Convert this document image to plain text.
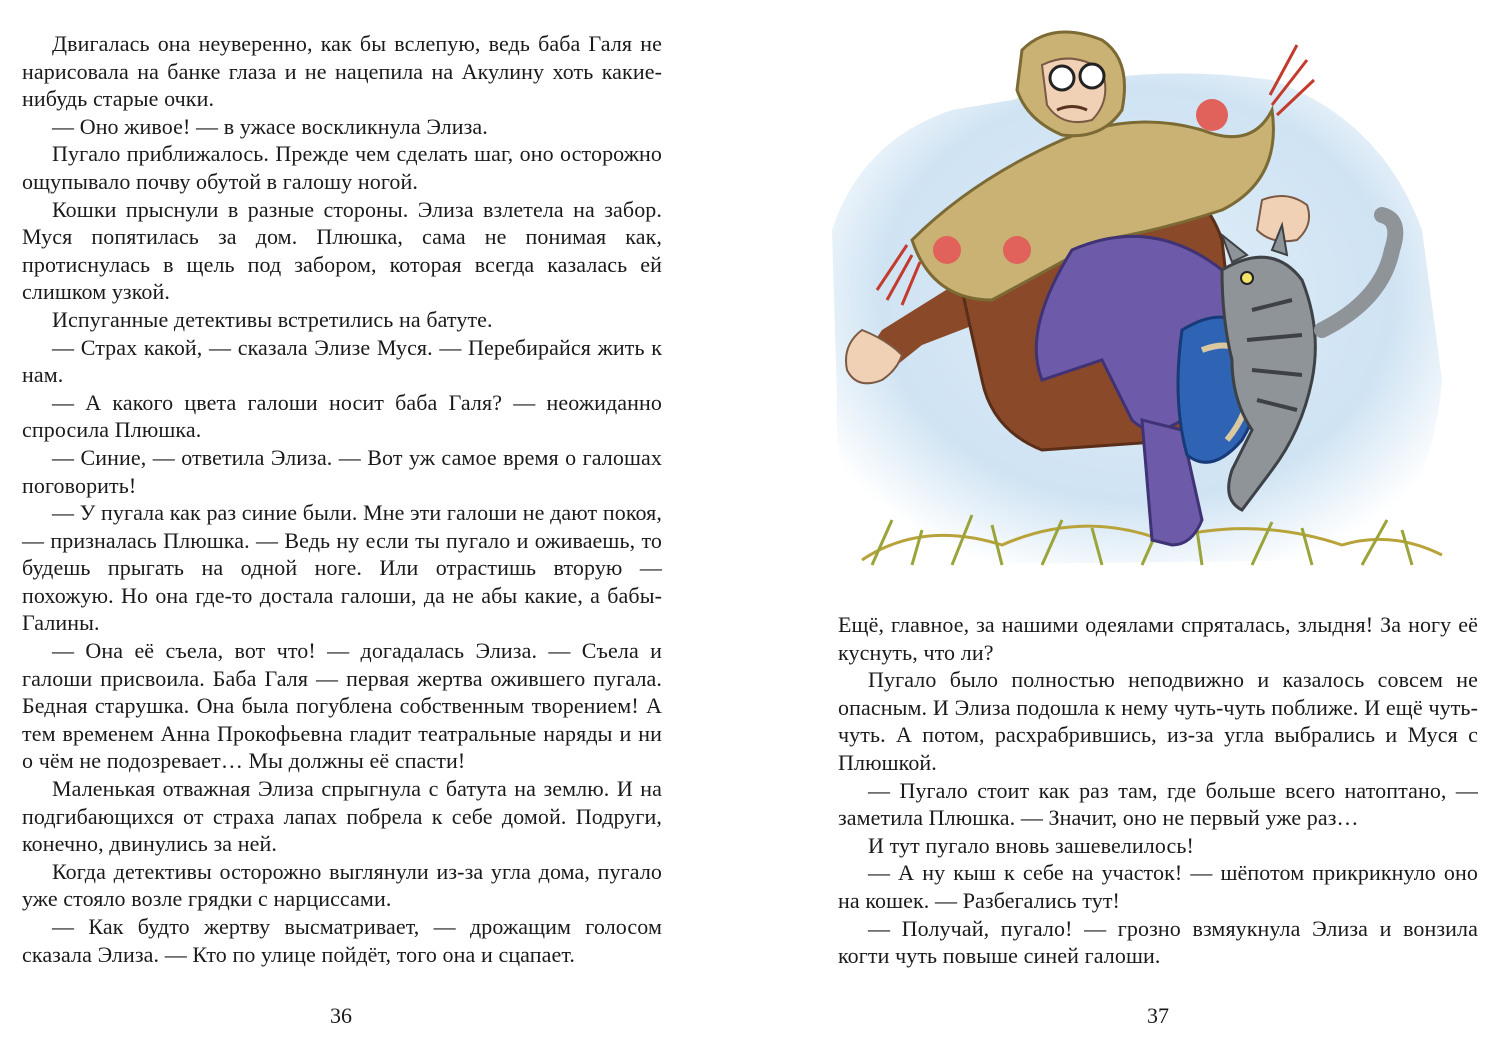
Двигалась она неуверенно, как бы вслепую, ведь баба Галя не нарисовала на банке глаза и не нацепила на Акулину хоть какие-нибудь старые очки.

— Оно живое! — в ужасе воскликнула Элиза.

Пугало приближалось. Прежде чем сделать шаг, оно осторожно ощупывало почву обутой в галошу ногой.

Кошки прыснули в разные стороны. Элиза взлетела на забор. Муся попятилась за дом. Плюшка, сама не понимая как, протиснулась в щель под забором, которая всегда казалась ей слишком узкой.

Испуганные детективы встретились на батуте.

— Страх какой, — сказала Элизе Муся. — Перебирайся жить к нам.

— А какого цвета галоши носит баба Галя? — неожиданно спросила Плюшка.

— Синие, — ответила Элиза. — Вот уж самое время о галошах поговорить!

— У пугала как раз синие были. Мне эти галоши не дают покоя, — призналась Плюшка. — Ведь ну если ты пугало и оживаешь, то будешь прыгать на одной ноге. Или отрастишь вторую — похожую. Но она где-то достала галоши, да не абы какие, а бабы-Галины.

— Она её съела, вот что! — догадалась Элиза. — Съела и галоши присвоила. Баба Галя — первая жертва ожившего пугала. Бедная старушка. Она была погублена собственным творением! А тем временем Анна Прокофьевна гладит театральные наряды и ни о чём не подозревает… Мы должны её спасти!

Маленькая отважная Элиза спрыгнула с батута на землю. И на подгибающихся от страха лапах побрела к себе домой. Подруги, конечно, двинулись за ней.

Когда детективы осторожно выглянули из-за угла дома, пугало уже стояло возле грядки с нарциссами.

— Как будто жертву высматривает, — дрожащим голосом сказала Элиза. — Кто по улице пойдёт, того она и сцапает.

36

Ещё, главное, за нашими одеялами спряталась, злыдня! За ногу её куснуть, что ли?

Пугало было полностью неподвижно и казалось совсем не опасным. И Элиза подошла к нему чуть-чуть поближе. И ещё чуть-чуть. А потом, расхрабрившись, из-за угла выбрались и Муся с Плюшкой.

— Пугало стоит как раз там, где больше всего натоптано, — заметила Плюшка. — Значит, оно не первый уже раз…

И тут пугало вновь зашевелилось!

— А ну кыш к себе на участок! — шёпотом прикрикнуло оно на кошек. — Разбегались тут!

— Получай, пугало! — грозно взмяукнула Элиза и вонзила когти чуть повыше синей галоши.

37
